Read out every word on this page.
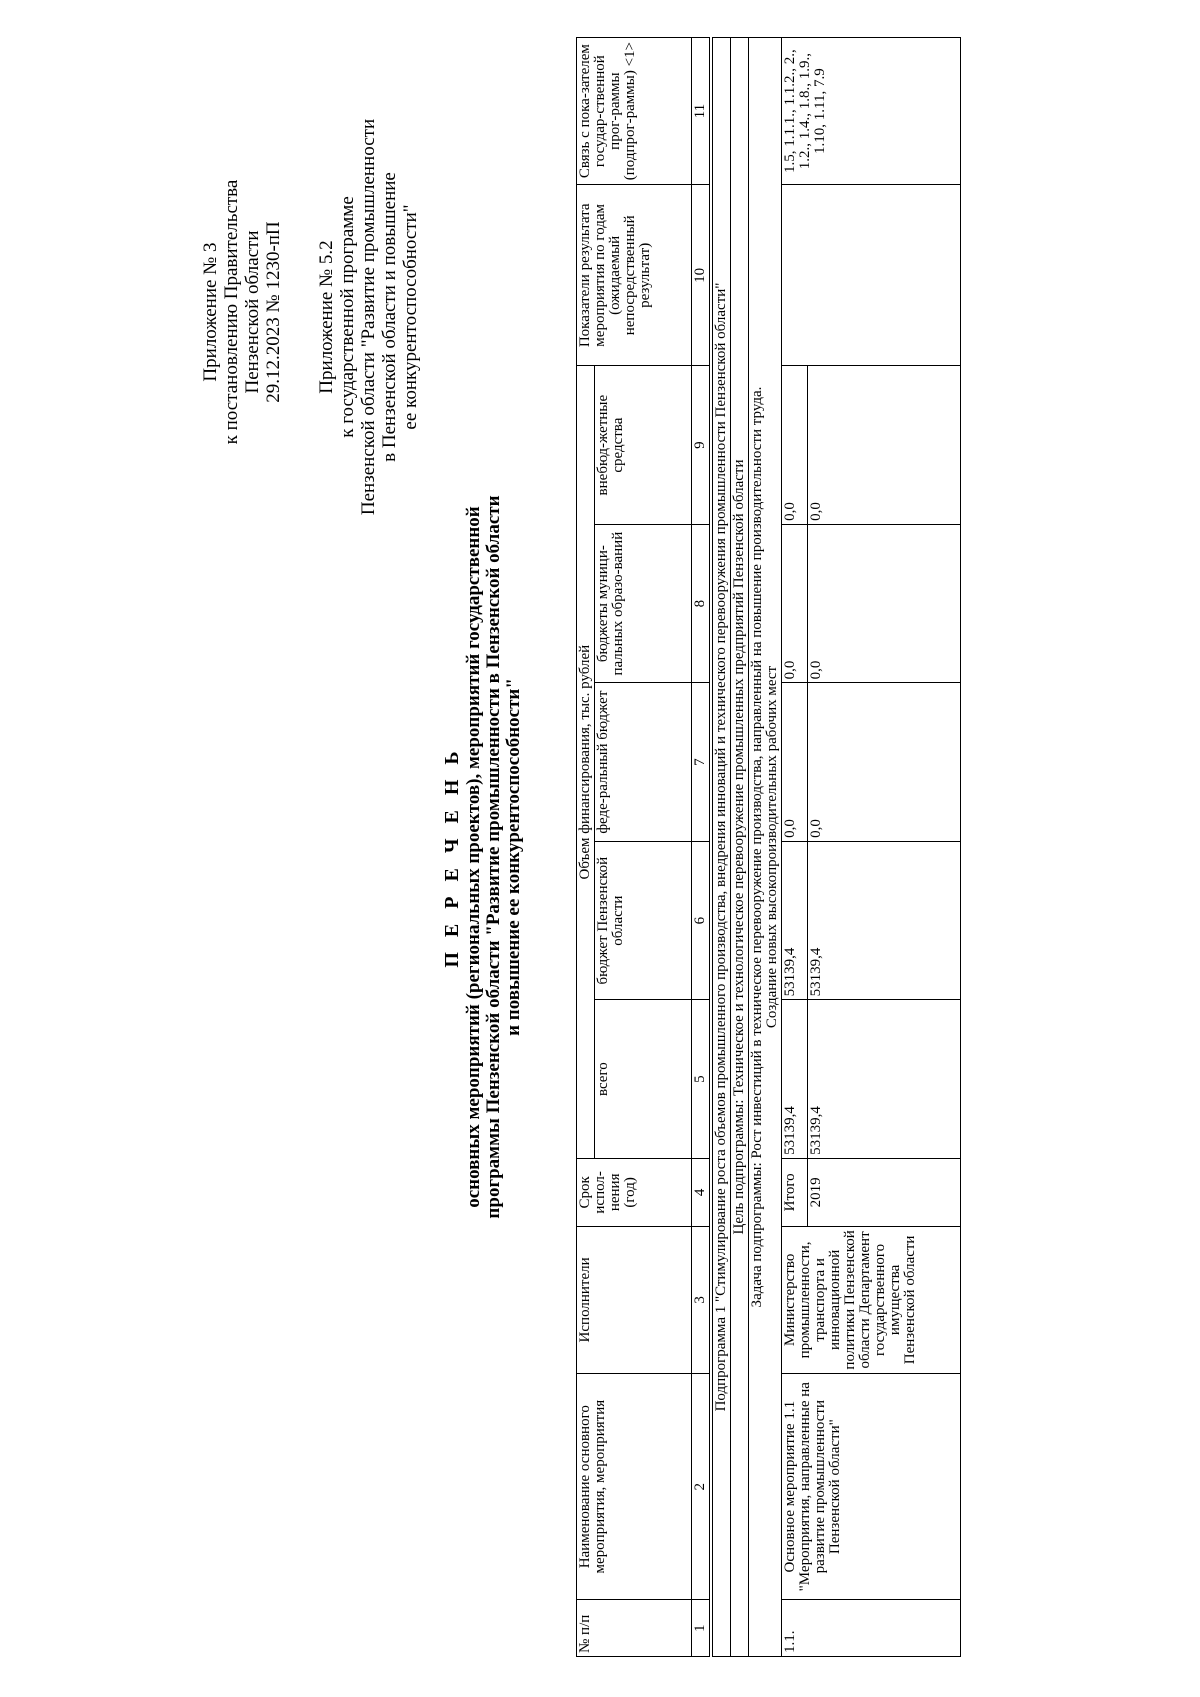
Приложение № 3 к постановлению Правительства Пензенской области 29.12.2023 № 1230-пП Приложение № 5.2 к государственной программе Пензенской области "Развитие промышленности в Пензенской области и повышение ее конкурентоспособности"
П Е Р Е Ч Е Н Ь основных мероприятий (региональных проектов), мероприятий государственной программы Пензенской области "Развитие промышленности в Пензенской области и повышение ее конкурентоспособности"
№ п/п	Наименование основного мероприятия, мероприятия	Исполнители	Срок испол-нения (год)	Объем финансирования, тыс. рублей					Показатели результата мероприятия по годам (ожидаемый непосредственный результат)	Связь с пока-зателем государ-ственной прог-раммы (подпрог-раммы) <1>
				всего	бюджет Пензенской области	феде-ральный бюджет	бюджеты муници-пальных образо-ваний	внебюд-жетные средства		
1	2	3	4	5	6	7	8	9	10	11

Подпрограмма 1 "Стимулирование роста объемов промышленного производства, внедрения инноваций и технического перевооружения промышленности Пензенской области"										
Цель подпрограммы: Техническое и технологическое перевооружение промышленных предприятий Пензенской области										

Задача подпрограммы: Рост инвестиций в техническое перевооружение производства, направленный на повышение производительности труда. Создание новых высокопроизводительных рабочих мест										

1.1.	Основное мероприятие 1.1 "Мероприятия, направленные на развитие промышленности Пензенской области"	Министерство промышленности, транспорта и инновационной политики Пензенской области Департамент государственного имущества Пензенской области	Итого	53139,4	53139,4	0,0	0,0	0,0		1.5, 1.1.1., 1.1.2., 2., 1.2., 1.4., 1.8., 1.9., 1.10, 1.11, 7.9
			2019	53139,4	53139,4	0,0	0,0	0,0		
